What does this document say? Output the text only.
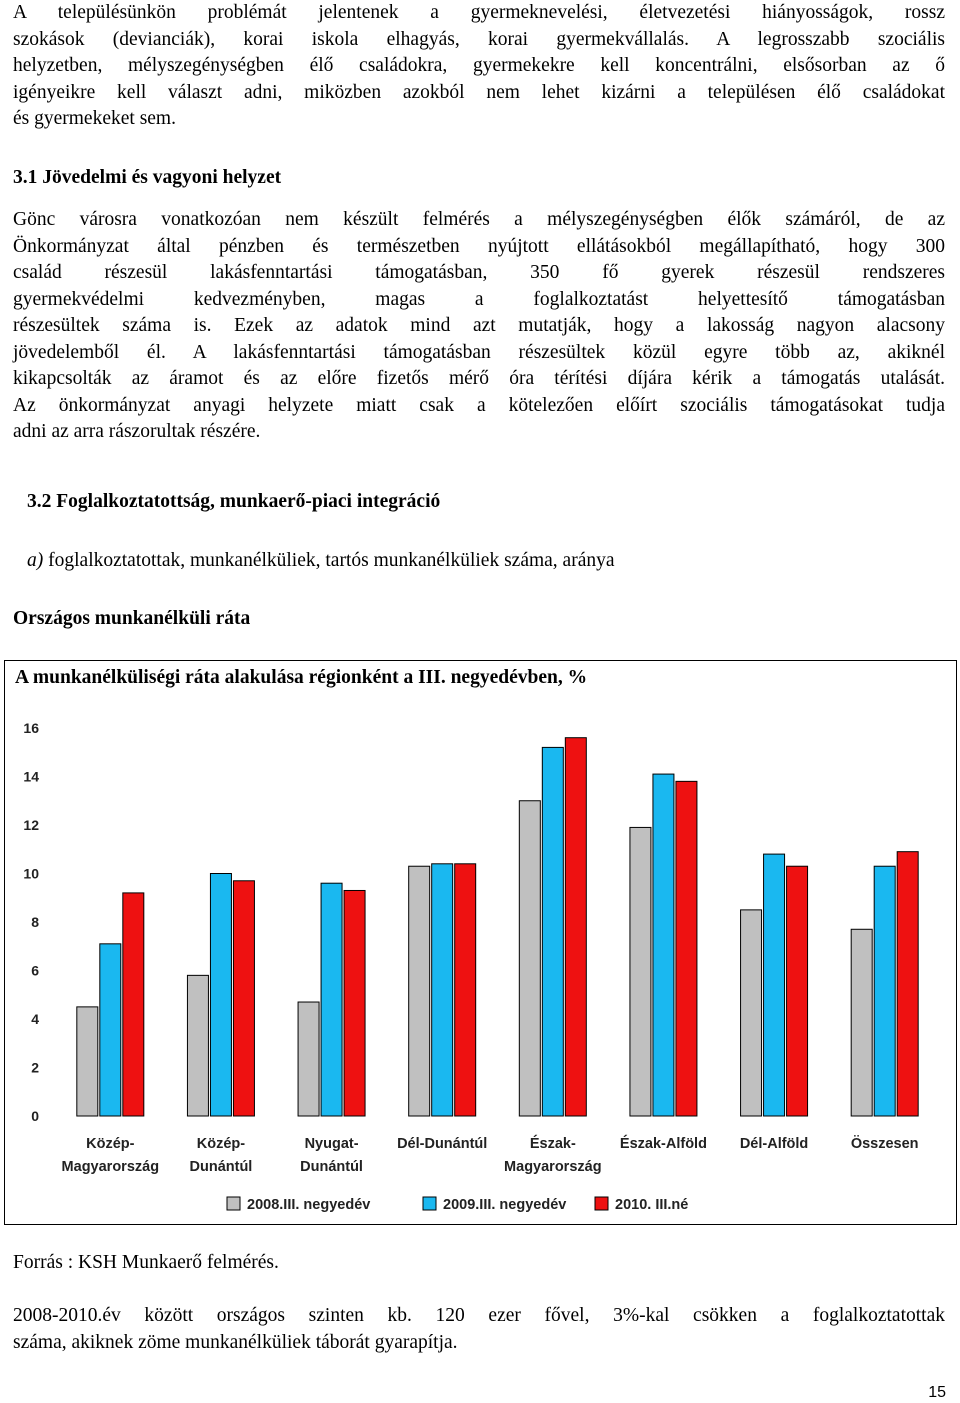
A településünkön problémát jelentenek a gyermeknevelési, életvezetési hiányosságok, rossz
szokások (devianciák), korai iskola elhagyás, korai gyermekvállalás. A legrosszabb szociális
helyzetben, mélyszegénységben élő családokra, gyermekekre kell koncentrálni, elsősorban az ő
igényeikre kell választ adni, miközben azokból nem lehet kizárni a településen élő családokat
és gyermekeket sem.
3.1 Jövedelmi és vagyoni helyzet
Gönc városra vonatkozóan nem készült felmérés a mélyszegénységben élők számáról, de az
Önkormányzat által pénzben és természetben nyújtott ellátásokból megállapítható, hogy 300
család részesül lakásfenntartási támogatásban, 350 fő gyerek részesül rendszeres
gyermekvédelmi kedvezményben, magas a foglalkoztatást helyettesítő támogatásban
részesültek száma is. Ezek az adatok mind azt mutatják, hogy a lakosság nagyon alacsony
jövedelemből él. A lakásfenntartási támogatásban részesültek közül egyre több az, akiknél
kikapcsolták az áramot és az előre fizetős mérő óra térítési díjára kérik a támogatás utalását.
Az önkormányzat anyagi helyzete miatt csak a kötelezően előírt szociális támogatásokat tudja
adni az arra rászorultak részére.
3.2 Foglalkoztatottság, munkaerő-piaci integráció
a) foglalkoztatottak, munkanélküliek, tartós munkanélküliek száma, aránya
Országos munkanélküli ráta
A munkanélküliségi ráta alakulása régionként a III. negyedévben, %
0
2
4
6
8
10
12
14
16
Közép-
Magyarország
Közép-
Dunántúl
Nyugat-
Dunántúl
Dél-Dunántúl	Észak-
Magyarország
Észak-Alföld Dél-Alföld	Összesen
2008.III. negyedév	2009.III. negyedév	2010. III.né
Forrás : KSH Munkaerő felmérés.
2008-2010.év között országos szinten kb. 120 ezer fővel, 3%-kal csökken a foglalkoztatottak
száma, akiknek zöme munkanélküliek táborát gyarapítja.
15
